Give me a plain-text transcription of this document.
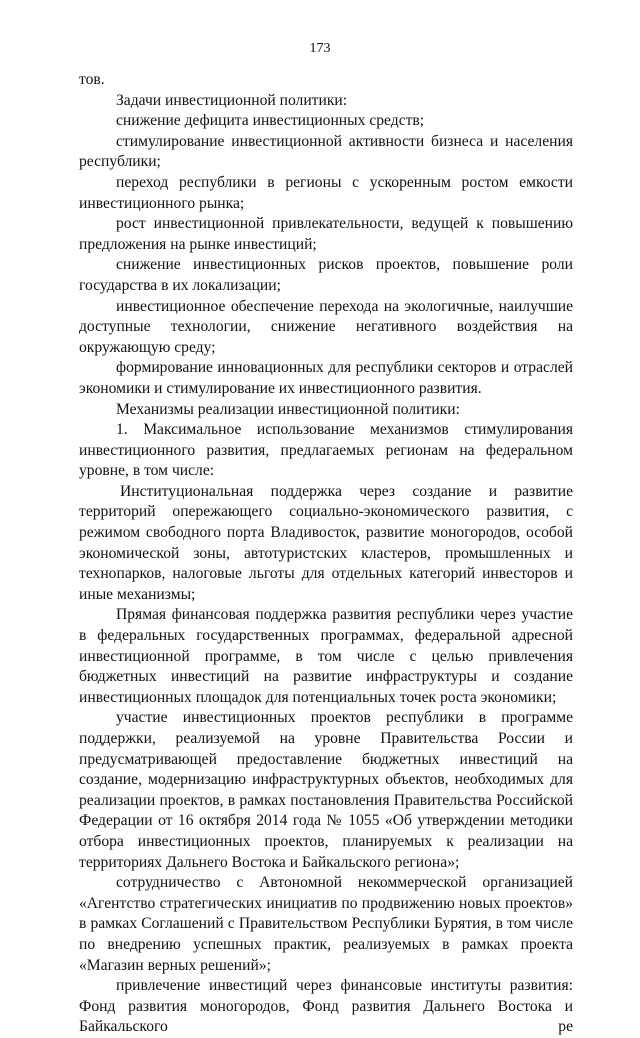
173

тов.

Задачи инвестиционной политики:

снижение дефицита инвестиционных средств;

стимулирование инвестиционной активности бизнеса и населения республики;

переход республики в регионы с ускоренным ростом емкости инвестиционного рынка;

рост инвестиционной привлекательности, ведущей к повышению предложения на рынке инвестиций;

снижение инвестиционных рисков проектов, повышение роли государства в их локализации;

инвестиционное обеспечение перехода на экологичные, наилучшие доступные технологии, снижение негативного воздействия на окружающую среду;

формирование инновационных для республики секторов и отраслей экономики и стимулирование их инвестиционного развития.

Механизмы реализации инвестиционной политики:

1. Максимальное использование механизмов стимулирования инвестиционного развития, предлагаемых регионам на федеральном уровне, в том числе:

Институциональная поддержка через создание и развитие территорий опережающего социально-экономического развития, с режимом свободного порта Владивосток, развитие моногородов, особой экономической зоны, автотуристских кластеров, промышленных и технопарков, налоговые льготы для отдельных категорий инвесторов и иные механизмы;

Прямая финансовая поддержка развития республики через участие в федеральных государственных программах, федеральной адресной инвестиционной программе, в том числе с целью привлечения бюджетных инвестиций на развитие инфраструктуры и создание инвестиционных площадок для потенциальных точек роста экономики;

участие инвестиционных проектов республики в программе поддержки, реализуемой на уровне Правительства России и предусматривающей предоставление бюджетных инвестиций на создание, модернизацию инфраструктурных объектов, необходимых для реализации проектов, в рамках постановления Правительства Российской Федерации от 16 октября 2014 года № 1055 «Об утверждении методики отбора инвестиционных проектов, планируемых к реализации на территориях Дальнего Востока и Байкальского региона»;

сотрудничество с Автономной некоммерческой организацией «Агентство стратегических инициатив по продвижению новых проектов» в рамках Соглашений с Правительством Республики Бурятия, в том числе по внедрению успешных практик, реализуемых в рамках проекта «Магазин верных решений»;

привлечение инвестиций через финансовые институты развития: Фонд развития моногородов, Фонд развития Дальнего Востока и Байкальского ре
